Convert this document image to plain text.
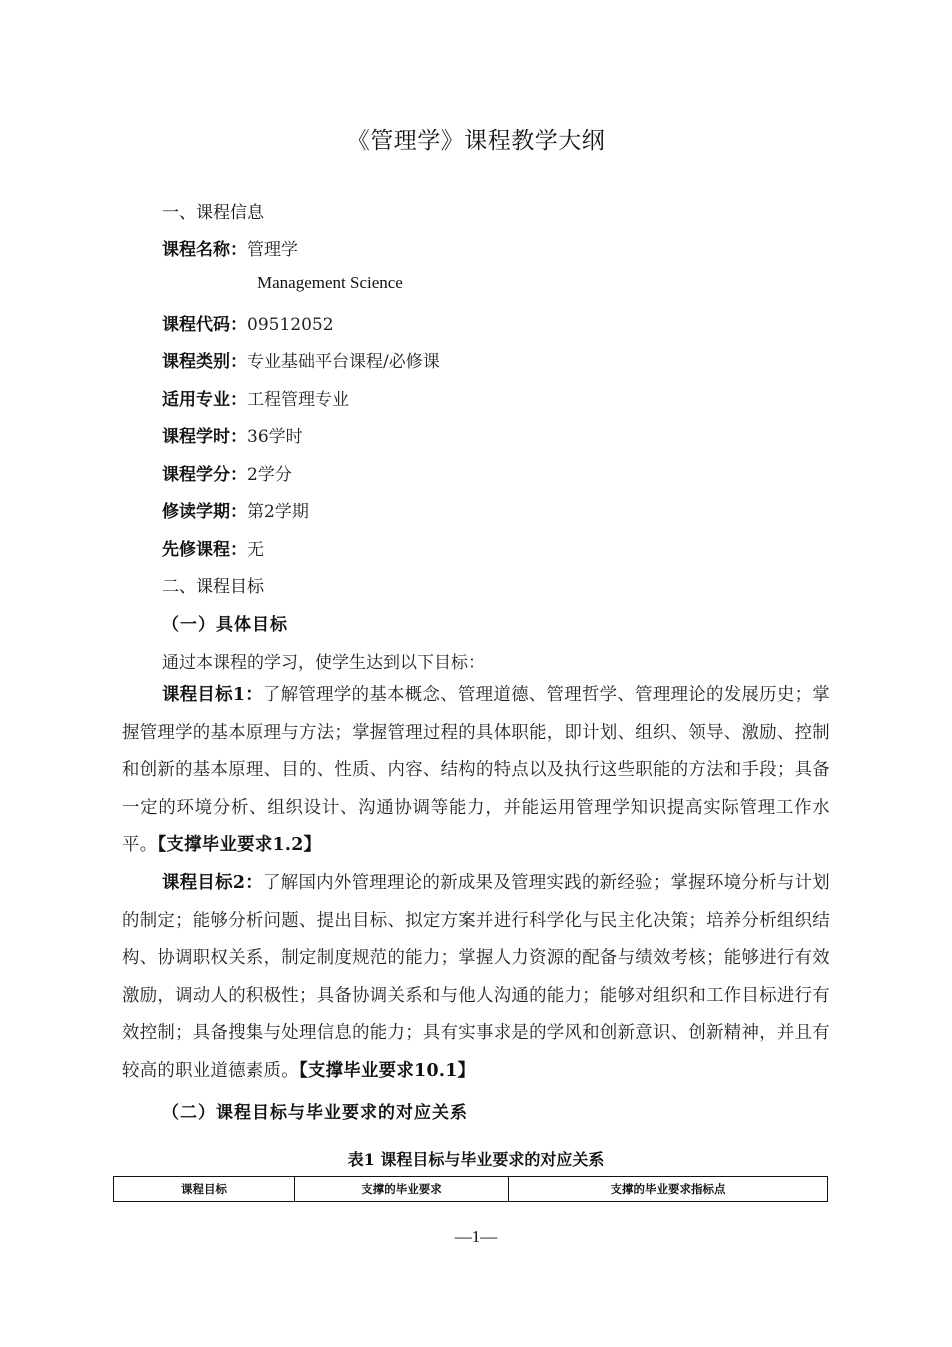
《管理学》课程教学大纲
一、课程信息
课程名称：管理学
Management Science
课程代码：09512052
课程类别：专业基础平台课程/必修课
适用专业：工程管理专业
课程学时：36学时
课程学分：2学分
修读学期：第2学期
先修课程：无
二、课程目标
（一）具体目标
通过本课程的学习，使学生达到以下目标：
课程目标1：了解管理学的基本概念、管理道德、管理哲学、管理理论的发展历史；掌握管理学的基本原理与方法；掌握管理过程的具体职能，即计划、组织、领导、激励、控制和创新的基本原理、目的、性质、内容、结构的特点以及执行这些职能的方法和手段；具备一定的环境分析、组织设计、沟通协调等能力，并能运用管理学知识提高实际管理工作水平。【支撑毕业要求1.2】
课程目标2：了解国内外管理理论的新成果及管理实践的新经验；掌握环境分析与计划的制定；能够分析问题、提出目标、拟定方案并进行科学化与民主化决策；培养分析组织结构、协调职权关系，制定制度规范的能力；掌握人力资源的配备与绩效考核；能够进行有效激励，调动人的积极性；具备协调关系和与他人沟通的能力；能够对组织和工作目标进行有效控制；具备搜集与处理信息的能力；具有实事求是的学风和创新意识、创新精神，并且有较高的职业道德素质。【支撑毕业要求10.1】
（二）课程目标与毕业要求的对应关系
表1 课程目标与毕业要求的对应关系
课程目标	支撑的毕业要求	支撑的毕业要求指标点
—1—
